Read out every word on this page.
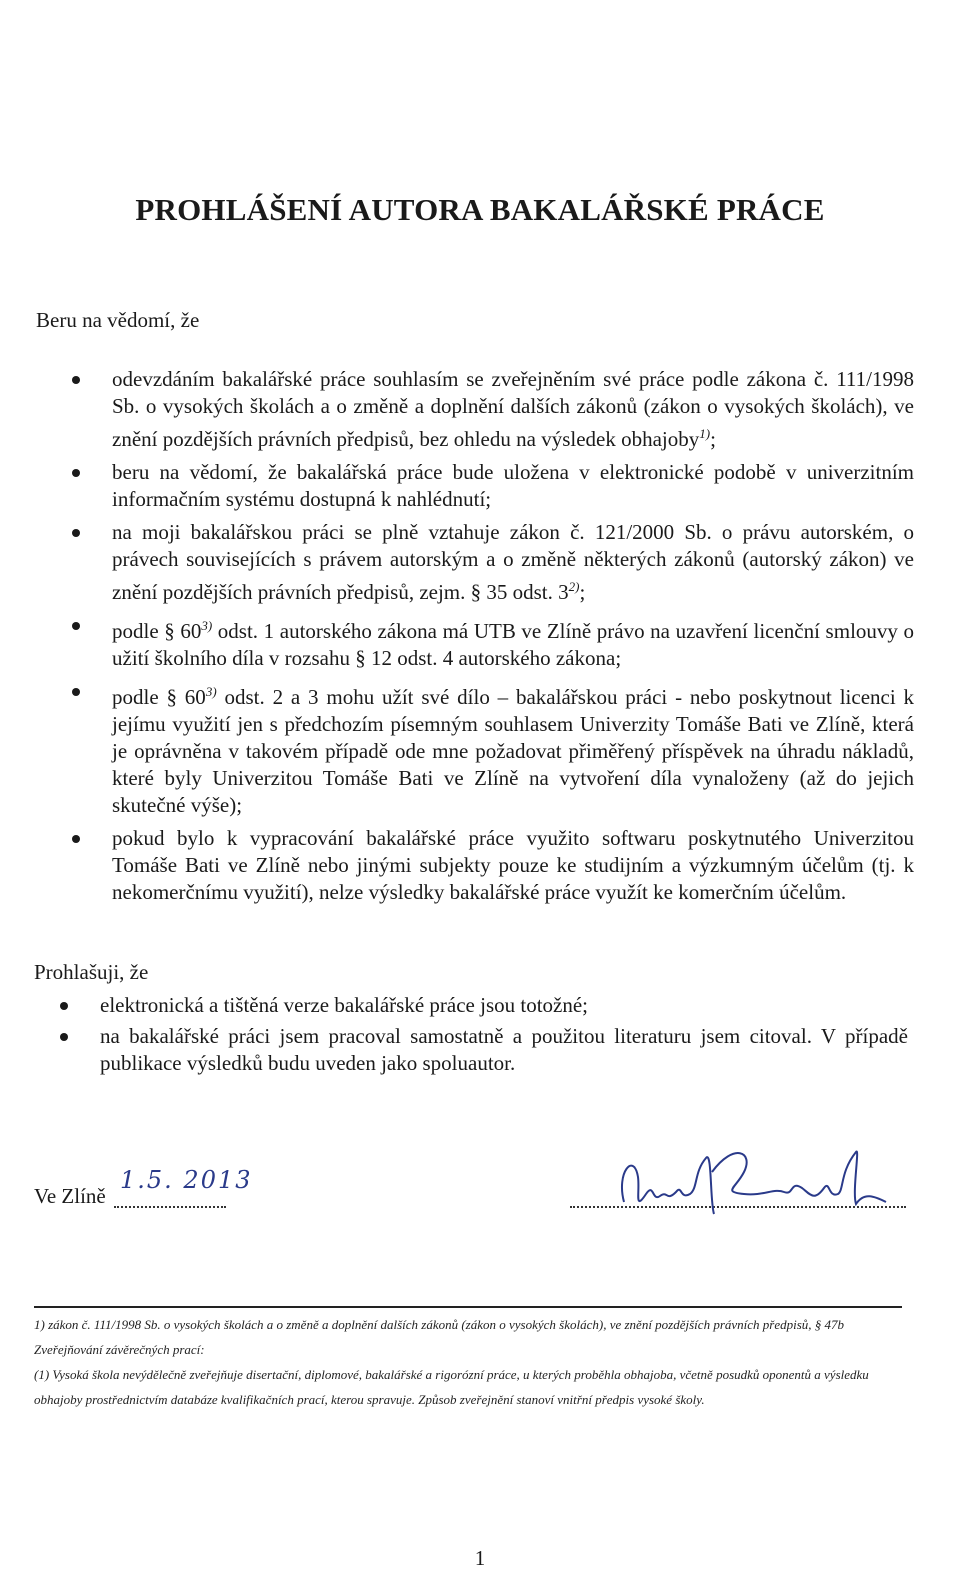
PROHLÁŠENÍ AUTORA BAKALÁŘSKÉ PRÁCE
Beru na vědomí, že
odevzdáním bakalářské práce souhlasím se zveřejněním své práce podle zákona č. 111/1998 Sb. o vysokých školách a o změně a doplnění dalších zákonů (zákon o vysokých školách), ve znění pozdějších právních předpisů, bez ohledu na výsledek obhajoby$^{1)}$;
beru na vědomí, že bakalářská práce bude uložena v elektronické podobě v univerzitním informačním systému dostupná k nahlédnutí;
na moji bakalářskou práci se plně vztahuje zákon č. 121/2000 Sb. o právu autorském, o právech souvisejících s právem autorským a o změně některých zákonů (autorský zákon) ve znění pozdějších právních předpisů, zejm. § 35 odst. 3$^{2)}$;
podle § 60$^{3)}$ odst. 1 autorského zákona má UTB ve Zlíně právo na uzavření licenční smlouvy o užití školního díla v rozsahu § 12 odst. 4 autorského zákona;
podle § 60$^{3)}$ odst. 2 a 3 mohu užít své dílo – bakalářskou práci - nebo poskytnout licenci k jejímu využití jen s předchozím písemným souhlasem Univerzity Tomáše Bati ve Zlíně, která je oprávněna v takovém případě ode mne požadovat přiměřený příspěvek na úhradu nákladů, které byly Univerzitou Tomáše Bati ve Zlíně na vytvoření díla vynaloženy (až do jejich skutečné výše);
pokud bylo k vypracování bakalářské práce využito softwaru poskytnutého Univerzitou Tomáše Bati ve Zlíně nebo jinými subjekty pouze ke studijním a výzkumným účelům (tj. k nekomerčnímu využití), nelze výsledky bakalářské práce využít ke komerčním účelům.
Prohlašuji, že
elektronická a tištěná verze bakalářské práce jsou totožné;
na bakalářské práci jsem pracoval samostatně a použitou literaturu jsem citoval. V případě publikace výsledků budu uveden jako spoluautor.
Ve Zlíně
1.5. 2013
1) zákon č. 111/1998 Sb. o vysokých školách a o změně a doplnění dalších zákonů (zákon o vysokých školách), ve znění pozdějších právních předpisů, § 47b Zveřejňování závěrečných prací:
(1) Vysoká škola nevýdělečně zveřejňuje disertační, diplomové, bakalářské a rigorózní práce, u kterých proběhla obhajoba, včetně posudků oponentů a výsledku obhajoby prostřednictvím databáze kvalifikačních prací, kterou spravuje. Způsob zveřejnění stanoví vnitřní předpis vysoké školy.
1
